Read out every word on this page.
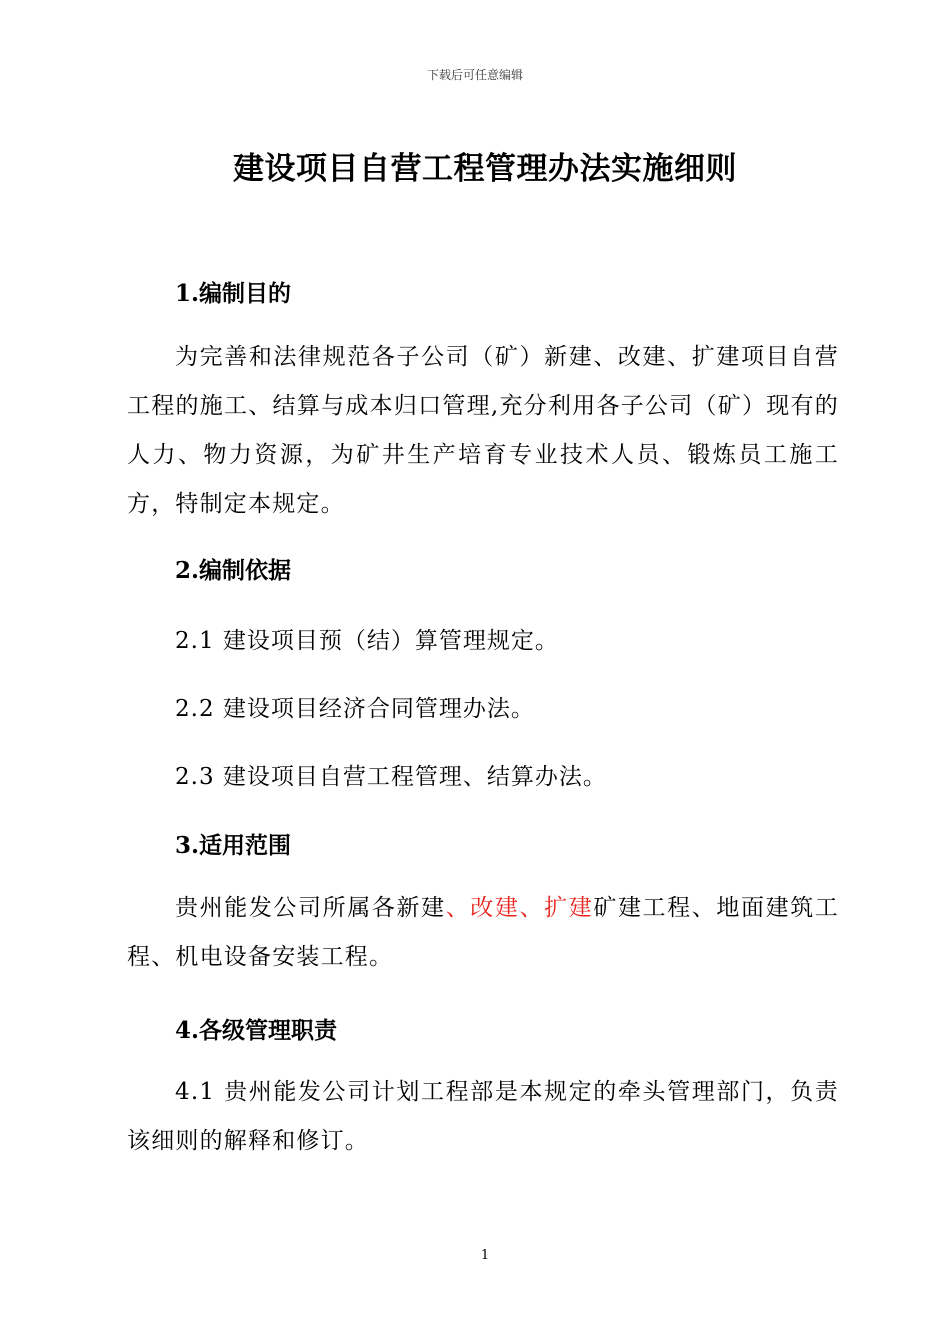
下载后可任意编辑
建设项目自营工程管理办法实施细则
1.编制目的

为完善和法律规范各子公司（矿）新建、改建、扩建项目自营工程的施工、结算与成本归口管理,充分利用各子公司（矿）现有的人力、物力资源，为矿井生产培育专业技术人员、锻炼员工施工方，特制定本规定。

2.编制依据

2.1 建设项目预（结）算管理规定。

2.2 建设项目经济合同管理办法。

2.3 建设项目自营工程管理、结算办法。

3.适用范围

贵州能发公司所属各新建、改建、扩建矿建工程、地面建筑工程、机电设备安装工程。

4.各级管理职责

4.1 贵州能发公司计划工程部是本规定的牵头管理部门，负责该细则的解释和修订。

1
